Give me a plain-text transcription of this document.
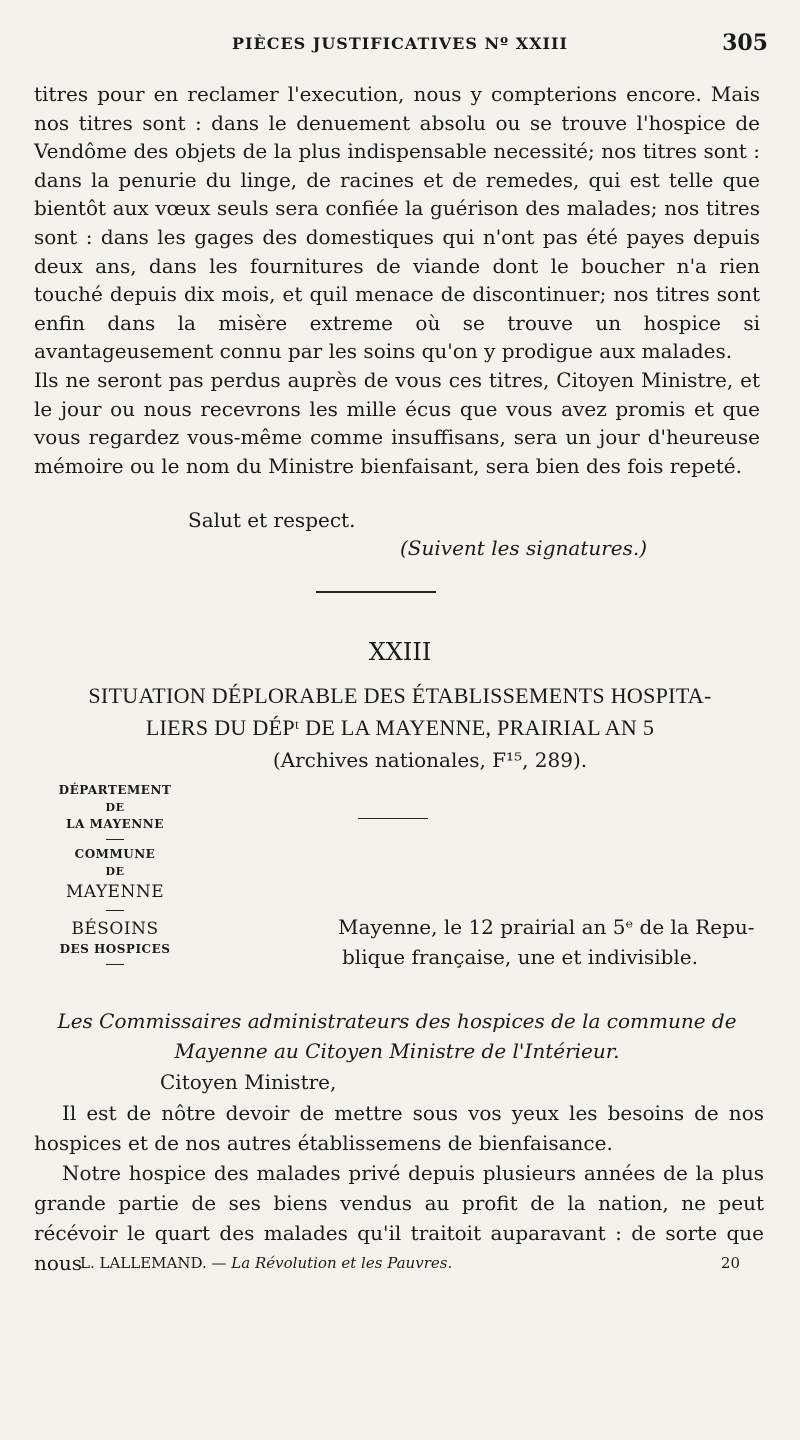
PIÈCES JUSTIFICATIVES Nº XXIII	305

titres pour en reclamer l'execution, nous y compterions encore. Mais nos titres sont : dans le denuement absolu ou se trouve l'hospice de Vendôme des objets de la plus indispensable necessité; nos titres sont : dans la penurie du linge, de racines et de remedes, qui est telle que bientôt aux vœux seuls sera confiée la guérison des malades; nos titres sont : dans les gages des domestiques qui n'ont pas été payes depuis deux ans, dans les fournitures de viande dont le boucher n'a rien touché depuis dix mois, et quil menace de discontinuer; nos titres sont enfin dans la misère extreme où se trouve un hospice si avantageusement connu par les soins qu'on y prodigue aux malades.

Ils ne seront pas perdus auprès de vous ces titres, Citoyen Ministre, et le jour ou nous recevrons les mille écus que vous avez promis et que vous regardez vous-même comme insuffisans, sera un jour d'heureuse mémoire ou le nom du Ministre bienfaisant, sera bien des fois repeté.

Salut et respect.
(Suivent les signatures.)
XXIII
SITUATION DÉPLORABLE DES ÉTABLISSEMENTS HOSPITA-
LIERS DU DÉPᵗ DE LA MAYENNE, PRAIRIAL AN 5
(Archives nationales, F¹⁵, 289).
DÉPARTEMENT
DE
LA MAYENNE
COMMUNE
DE
MAYENNE
BÉSOINS
DES HOSPICES
Mayenne, le 12 prairial an 5ᵉ de la Repu-
blique française, une et indivisible.
Les Commissaires administrateurs des hospices de la commune de
Mayenne au Citoyen Ministre de l'Intérieur.
Citoyen Ministre,

Il est de nôtre devoir de mettre sous vos yeux les besoins de nos hospices et de nos autres établissemens de bienfaisance.

Notre hospice des malades privé depuis plusieurs années de la plus grande partie de ses biens vendus au profit de la nation, ne peut récévoir le quart des malades qu'il traitoit auparavant : de sorte que nous

L. LALLEMAND. — La Révolution et les Pauvres.	20
